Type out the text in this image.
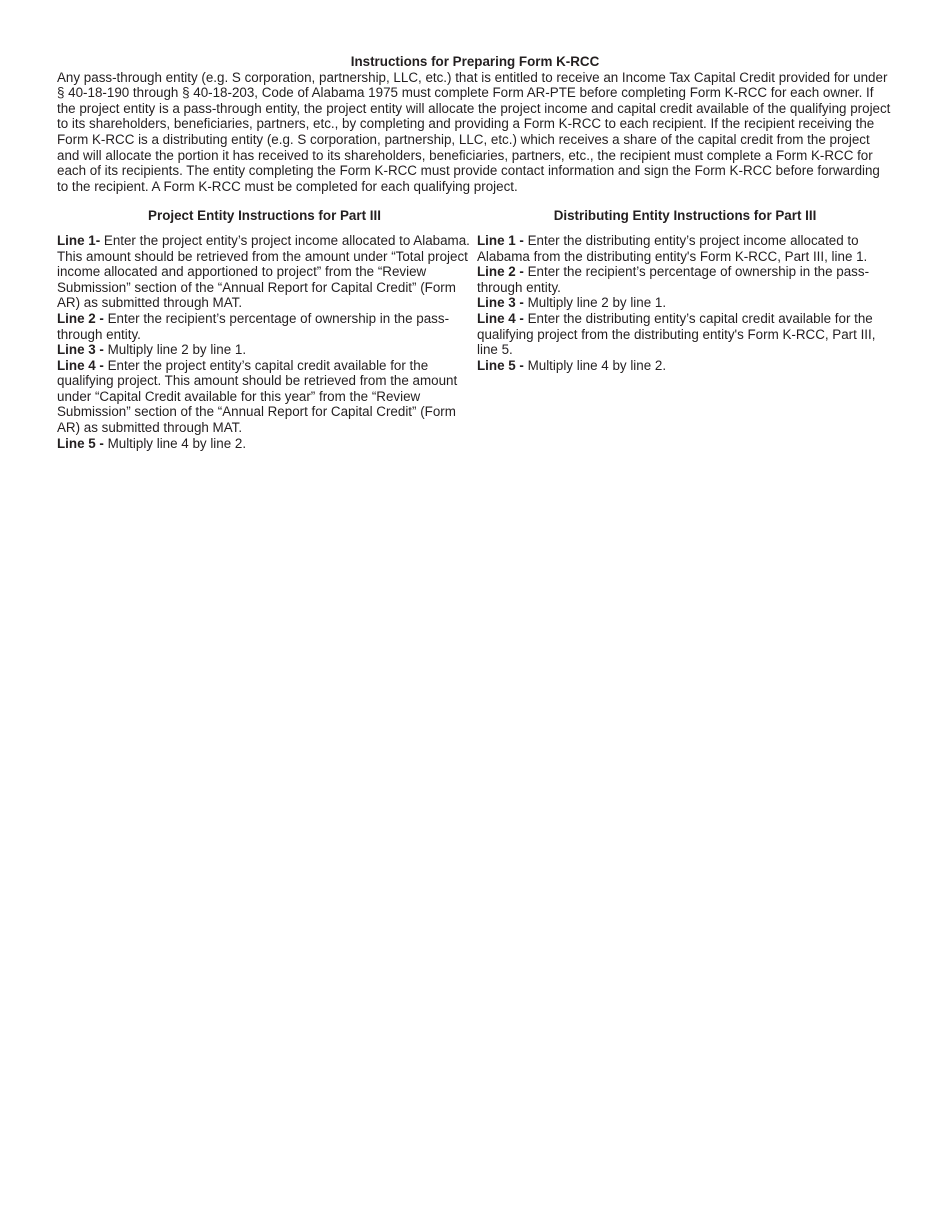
Instructions for Preparing Form K-RCC

Any pass-through entity (e.g. S corporation, partnership, LLC, etc.) that is entitled to receive an Income Tax Capital Credit provided for under § 40-18-190 through § 40-18-203, Code of Alabama 1975 must complete Form AR-PTE before completing Form K-RCC for each owner. If the project entity is a pass-through entity, the project entity will allocate the project income and capital credit available of the qualifying project to its shareholders, beneficiaries, partners, etc., by completing and providing a Form K-RCC to each recipient. If the recipient receiving the Form K-RCC is a distributing entity (e.g. S corporation, partnership, LLC, etc.) which receives a share of the capital credit from the project and will allocate the portion it has received to its shareholders, beneficiaries, partners, etc., the recipient must complete a Form K-RCC for each of its recipients. The entity completing the Form K-RCC must provide contact information and sign the Form K-RCC before forwarding to the recipient. A Form K-RCC must be completed for each qualifying project.

Project Entity Instructions for Part III

Line 1- Enter the project entity’s project income allocated to Alabama. This amount should be retrieved from the amount under “Total project income allocated and apportioned to project” from the “Review Submission” section of the “Annual Report for Capital Credit” (Form AR) as submitted through MAT.

Line 2 - Enter the recipient’s percentage of ownership in the pass-through entity.

Line 3 - Multiply line 2 by line 1.

Line 4 - Enter the project entity’s capital credit available for the qualifying project. This amount should be retrieved from the amount under “Capital Credit available for this year” from the “Review Submission” section of the “Annual Report for Capital Credit” (Form AR) as submitted through MAT.

Line 5 - Multiply line 4 by line 2.

Distributing Entity Instructions for Part III

Line 1 - Enter the distributing entity’s project income allocated to Alabama from the distributing entity's Form K-RCC, Part III, line 1.

Line 2 - Enter the recipient’s percentage of ownership in the pass-through entity.

Line 3 - Multiply line 2 by line 1.

Line 4 - Enter the distributing entity’s capital credit available for the qualifying project from the distributing entity's Form K-RCC, Part III, line 5.

Line 5 - Multiply line 4 by line 2.
